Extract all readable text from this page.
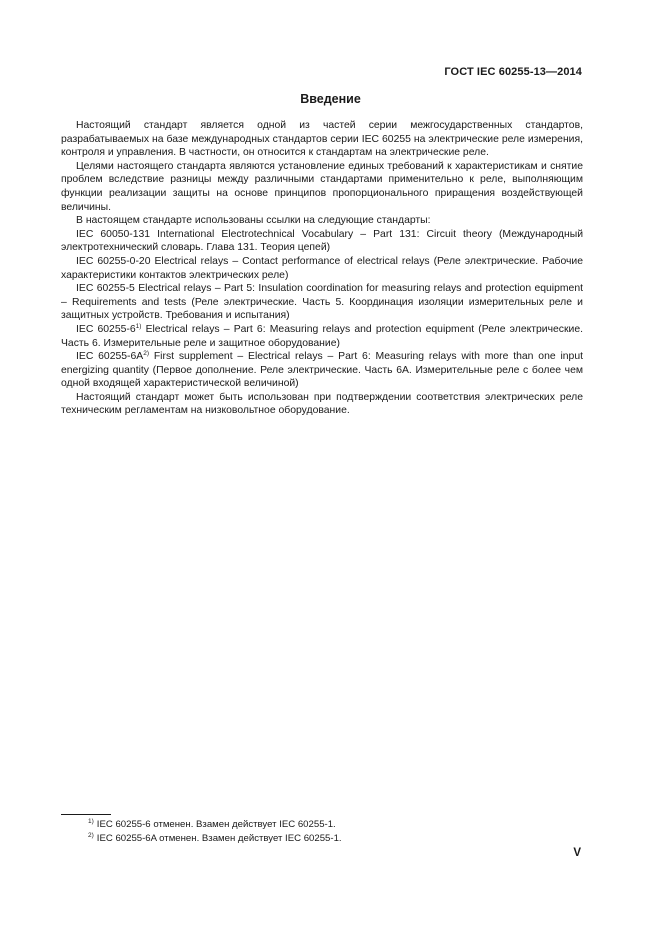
ГОСТ IEC 60255-13—2014
Введение

Настоящий стандарт является одной из частей серии межгосударственных стандартов, разрабатываемых на базе международных стандартов серии IEC 60255 на электрические реле измерения, контроля и управления. В частности, он относится к стандартам на электрические реле.

Целями настоящего стандарта являются установление единых требований к характеристикам и снятие проблем вследствие разницы между различными стандартами применительно к реле, выполняющим функции реализации защиты на основе принципов пропорционального приращения воздействующей величины.

В настоящем стандарте использованы ссылки на следующие стандарты:

IEC 60050-131 International Electrotechnical Vocabulary – Part 131: Circuit theory (Международный электротехнический словарь. Глава 131. Теория цепей)

IEC 60255-0-20 Electrical relays – Contact performance of electrical relays (Реле электрические. Рабочие характеристики контактов электрических реле)

IEC 60255-5 Electrical relays – Part 5: Insulation coordination for measuring relays and protection equipment – Requirements and tests (Реле электрические. Часть 5. Координация изоляции измерительных реле и защитных устройств. Требования и испытания)

IEC 60255-6$^{1)}$ Electrical relays – Part 6: Measuring relays and protection equipment (Реле электрические. Часть 6. Измерительные реле и защитное оборудование)

IEC $60255-6A^{2)}$ First supplement – Electrical relays – Part 6: Measuring relays with more than one input energizing quantity (Первое дополнение. Реле электрические. Часть 6А. Измерительные реле с более чем одной входящей характеристической величиной)

Настоящий стандарт может быть использован при подтверждении соответствия электрических реле техническим регламентам на низковольтное оборудование.

$^{1)}$ IEC 60255-6 отменен. Взамен действует IEC 60255-1.
$^{2)}$ IEC 60255-6A отменен. Взамен действует IEC 60255-1.
V
